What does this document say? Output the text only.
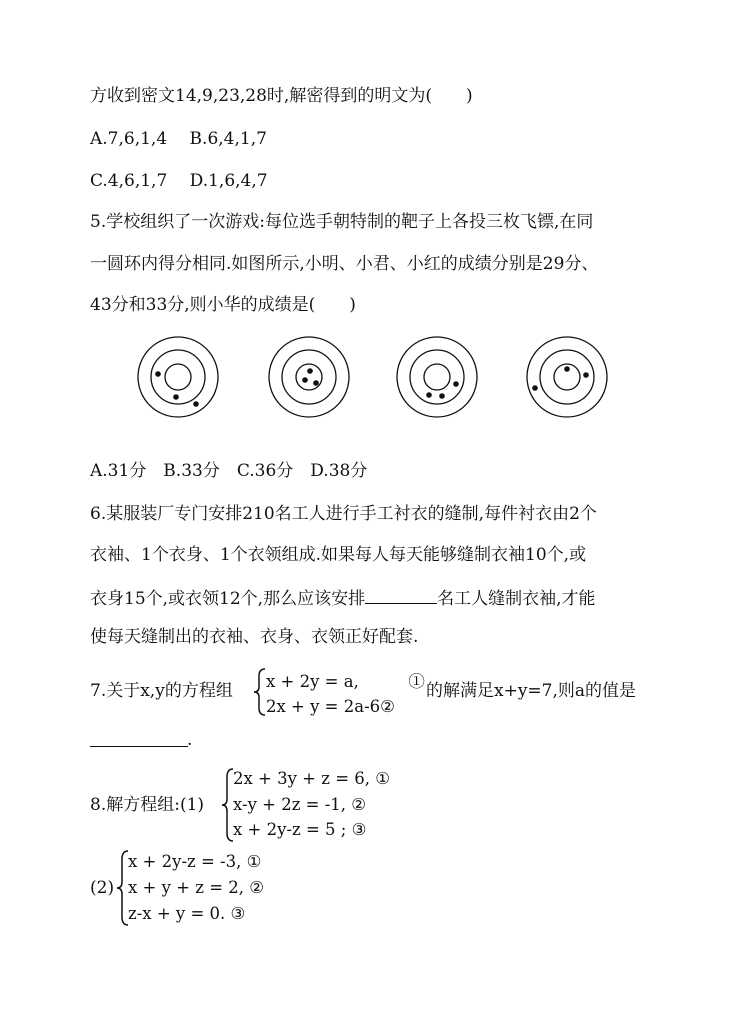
方收到密文14,9,23,28时,解密得到的明文为(　　)
A.7,6,1,4　 B.6,4,1,7
C.4,6,1,7　 D.1,6,4,7
5.学校组织了一次游戏:每位选手朝特制的靶子上各投三枚飞镖,在同
一圆环内得分相同.如图所示,小明、小君、小红的成绩分别是29分、
43分和33分,则小华的成绩是(　　)
A.31分　B.33分　C.36分　D.38分
6.某服装厂专门安排210名工人进行手工衬衣的缝制,每件衬衣由2个
衣袖、1个衣身、1个衣领组成.如果每人每天能够缝制衣袖10个,或
衣身15个,或衣领12个,那么应该安排	名工人缝制衣袖,才能
使每天缝制出的衣袖、衣身、衣领正好配套.
7.关于x,y的方程组 x + 2y = a,　　　①
2x + y = 2a-6②
的解满足x+y=7,则a的值是
.
8.解方程组:(1)
2x + 3y + z = 6, ①
x-y + 2z = -1, ②
x + 2y-z = 5 ; ③
(2)
x + 2y-z = -3, ①
x + y + z = 2, ②
z-x + y = 0. ③
